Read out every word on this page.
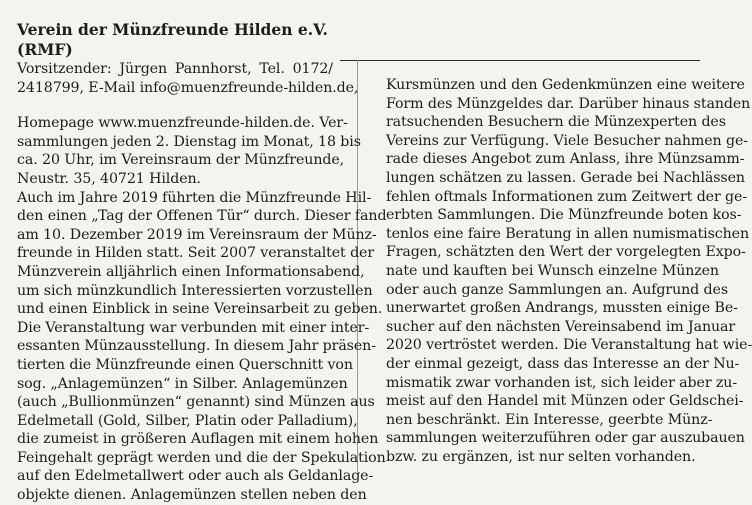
Verein der Münzfreunde Hilden e.V. (RMF)
Vorsitzender: Jürgen Pannhorst, Tel. 0172/
2418799, E-Mail info@muenzfreunde-hilden.de,
Homepage www.muenzfreunde-hilden.de. Ver-
sammlungen jeden 2. Dienstag im Monat, 18 bis
ca. 20 Uhr, im Vereinsraum der Münzfreunde,
Neustr. 35, 40721 Hilden.
Auch im Jahre 2019 führten die Münzfreunde Hil-
den einen „Tag der Offenen Tür“ durch. Dieser fand
am 10. Dezember 2019 im Vereinsraum der Münz-
freunde in Hilden statt. Seit 2007 veranstaltet der
Münzverein alljährlich einen Informationsabend,
um sich münzkundlich Interessierten vorzustellen
und einen Einblick in seine Vereinsarbeit zu geben.
Die Veranstaltung war verbunden mit einer inter-
essanten Münzausstellung. In diesem Jahr präsen-
tierten die Münzfreunde einen Querschnitt von
sog. „Anlagemünzen“ in Silber. Anlagemünzen
(auch „Bullionmünzen“ genannt) sind Münzen aus
Edelmetall (Gold, Silber, Platin oder Palladium),
die zumeist in größeren Auflagen mit einem hohen
Feingehalt geprägt werden und die der Spekulation
auf den Edelmetallwert oder auch als Geldanlage-
objekte dienen. Anlagemünzen stellen neben den
Kursmünzen und den Gedenkmünzen eine weitere
Form des Münzgeldes dar. Darüber hinaus standen
ratsuchenden Besuchern die Münzexperten des
Vereins zur Verfügung. Viele Besucher nahmen ge-
rade dieses Angebot zum Anlass, ihre Münzsamm-
lungen schätzen zu lassen. Gerade bei Nachlässen
fehlen oftmals Informationen zum Zeitwert der ge-
erbten Sammlungen. Die Münzfreunde boten kos-
tenlos eine faire Beratung in allen numismatischen
Fragen, schätzten den Wert der vorgelegten Expo-
nate und kauften bei Wunsch einzelne Münzen
oder auch ganze Sammlungen an. Aufgrund des
unerwartet großen Andrangs, mussten einige Be-
sucher auf den nächsten Vereinsabend im Januar
2020 vertröstet werden. Die Veranstaltung hat wie-
der einmal gezeigt, dass das Interesse an der Nu-
mismatik zwar vorhanden ist, sich leider aber zu-
meist auf den Handel mit Münzen oder Geldschei-
nen beschränkt. Ein Interesse, geerbte Münz-
sammlungen weiterzuführen oder gar auszubauen
bzw. zu ergänzen, ist nur selten vorhanden.
